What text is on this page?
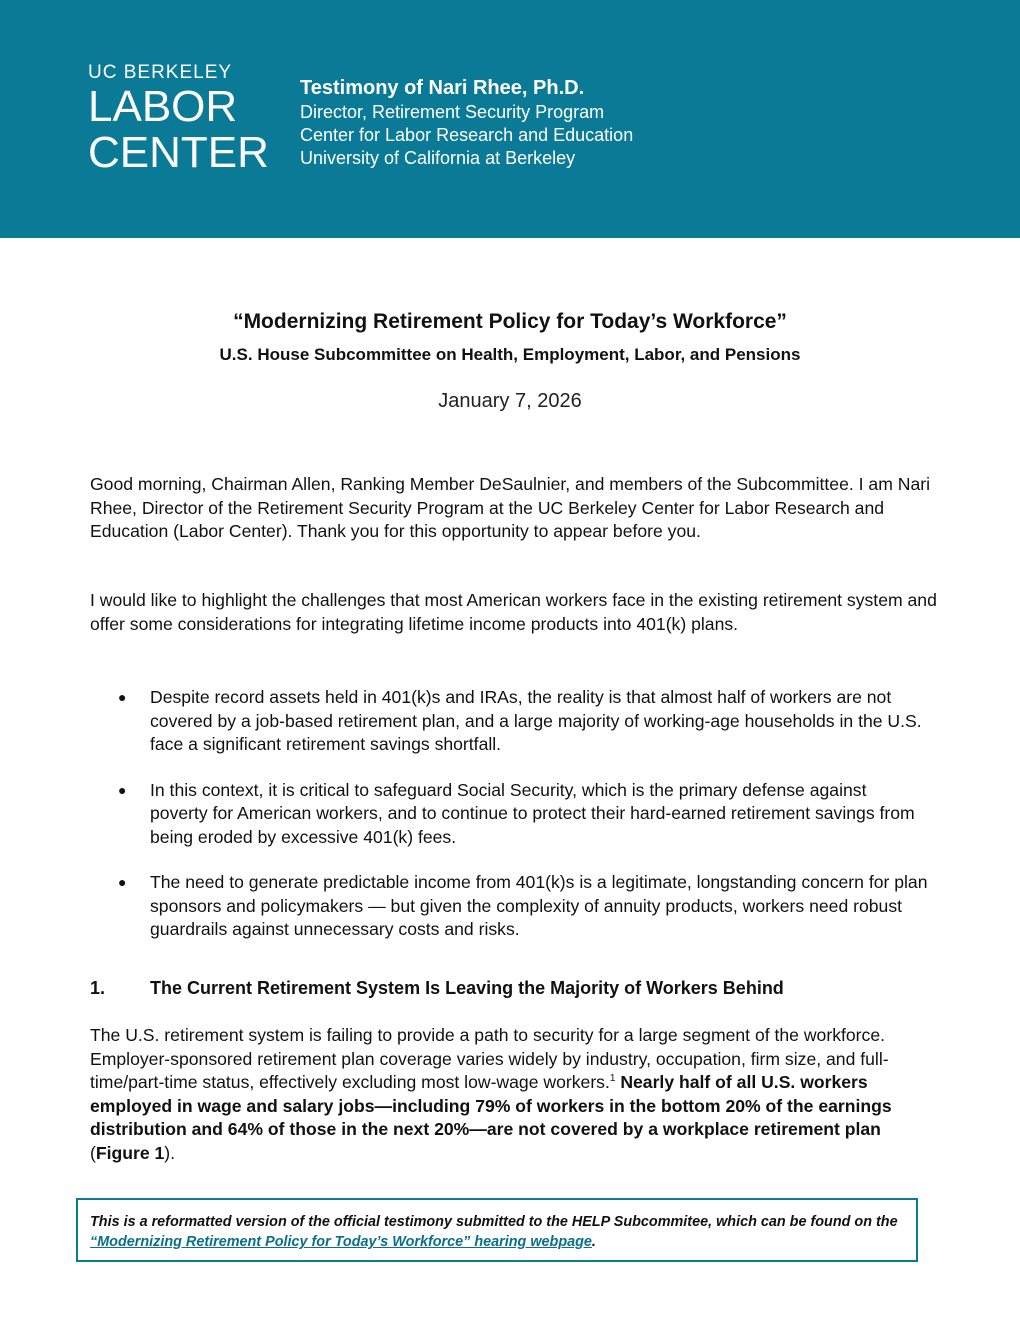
UC BERKELEY
LABOR
CENTER
Testimony of Nari Rhee, Ph.D.
Director, Retirement Security Program
Center for Labor Research and Education
University of California at Berkeley
“Modernizing Retirement Policy for Today’s Workforce”
U.S. House Subcommittee on Health, Employment, Labor, and Pensions
January 7, 2026
Good morning, Chairman Allen, Ranking Member DeSaulnier, and members of the Subcommittee. I am Nari Rhee, Director of the Retirement Security Program at the UC Berkeley Center for Labor Research and Education (Labor Center). Thank you for this opportunity to appear before you.
I would like to highlight the challenges that most American workers face in the existing retirement system and offer some considerations for integrating lifetime income products into 401(k) plans.
● Despite record assets held in 401(k)s and IRAs, the reality is that almost half of workers are not covered by a job-based retirement plan, and a large majority of working-age households in the U.S. face a significant retirement savings shortfall.
● In this context, it is critical to safeguard Social Security, which is the primary defense against poverty for American workers, and to continue to protect their hard-earned retirement savings from being eroded by excessive 401(k) fees.
● The need to generate predictable income from 401(k)s is a legitimate, longstanding concern for plan sponsors and policymakers — but given the complexity of annuity products, workers need robust guardrails against unnecessary costs and risks.
1. The Current Retirement System Is Leaving the Majority of Workers Behind
The U.S. retirement system is failing to provide a path to security for a large segment of the workforce. Employer-sponsored retirement plan coverage varies widely by industry, occupation, firm size, and full-time/part-time status, effectively excluding most low-wage workers.$^1$ Nearly half of all U.S. workers employed in wage and salary jobs—including 79% of workers in the bottom 20% of the earnings distribution and 64% of those in the next 20%—are not covered by a workplace retirement plan (Figure 1).
This is a reformatted version of the official testimony submitted to the HELP Subcommitee, which can be found on the “Modernizing Retirement Policy for Today’s Workforce” hearing webpage.
